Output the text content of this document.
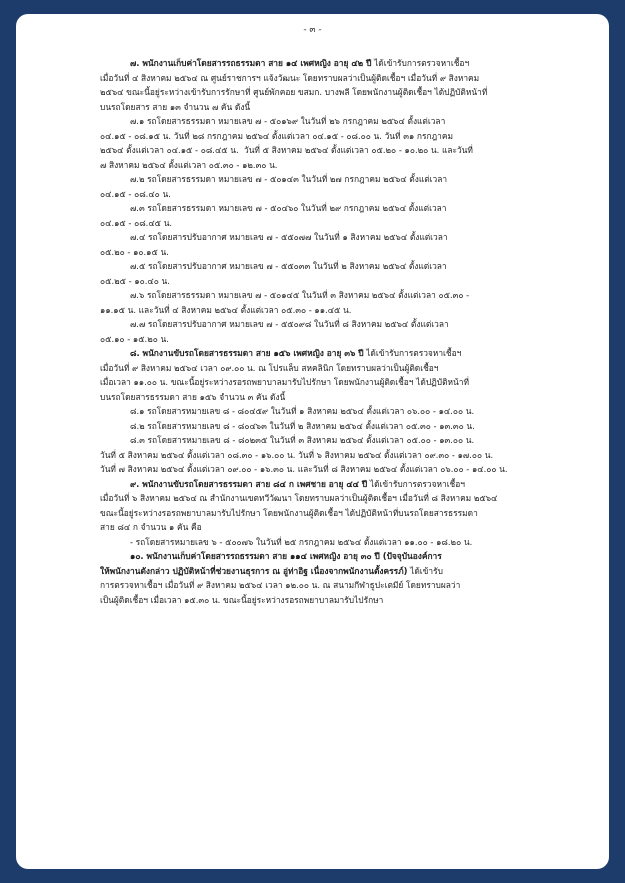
- ๓ -

๗. พนักงานเก็บค่าโดยสารรถธรรมดา สาย ๑๔ เพศหญิง อายุ ๔๒ ปี ได้เข้ารับการตรวจหาเชื้อฯ

เมื่อวันที่ ๔ สิงหาคม ๒๕๖๔ ณ ศูนย์ราชการฯ แจ้งวัฒนะ โดยทราบผลว่าเป็นผู้ติดเชื้อฯ เมื่อวันที่ ๙ สิงหาคม

๒๕๖๔ ขณะนี้อยู่ระหว่างเข้ารับการรักษาที่ ศูนย์พักคอย ขสมก. บางพลี โดยพนักงานผู้ติดเชื้อฯ ได้ปฏิบัติหน้าที่

บนรถโดยสาร สาย ๑๓ จำนวน ๗ คัน ดังนี้

๗.๑ รถโดยสารธรรมดา หมายเลข ๗ - ๕๐๑๖๙ ในวันที่ ๒๖ กรกฎาคม ๒๕๖๔ ตั้งแต่เวลา

๐๔.๑๕ - ๐๘.๑๕ น. วันที่ ๒๘ กรกฎาคม ๒๕๖๔ ตั้งแต่เวลา ๐๔.๑๕ - ๐๘.๐๐ น. วันที่ ๓๑ กรกฎาคม

๒๕๖๔ ตั้งแต่เวลา ๐๔.๑๕ - ๐๘.๔๕ น.  วันที่ ๕ สิงหาคม ๒๕๖๔ ตั้งแต่เวลา ๐๕.๒๐ - ๑๐.๒๐ น. และวันที่

๗ สิงหาคม ๒๕๖๔ ตั้งแต่เวลา ๐๕.๓๐ - ๑๒.๓๐ น.

๗.๒ รถโดยสารธรรมดา หมายเลข ๗ - ๕๐๑๔๓ ในวันที่ ๒๗ กรกฎาคม ๒๕๖๔ ตั้งแต่เวลา

๐๔.๑๕ - ๐๘.๔๐ น.

๗.๓ รถโดยสารธรรมดา หมายเลข ๗ - ๕๐๔๖๐ ในวันที่ ๒๙ กรกฎาคม ๒๕๖๔ ตั้งแต่เวลา

๐๔.๑๕ - ๐๘.๔๕ น.

๗.๔ รถโดยสารปรับอากาศ หมายเลข ๗ - ๕๕๐๗๗ ในวันที่ ๑ สิงหาคม ๒๕๖๔ ตั้งแต่เวลา

๐๕.๒๐ - ๑๐.๑๕ น.

๗.๕ รถโดยสารปรับอากาศ หมายเลข ๗ - ๕๕๐๓๓ ในวันที่ ๒ สิงหาคม ๒๕๖๔ ตั้งแต่เวลา

๐๕.๒๕ - ๑๐.๔๐ น.

๗.๖ รถโดยสารธรรมดา หมายเลข ๗ - ๕๐๑๔๕ ในวันที่ ๓ สิงหาคม ๒๕๖๔ ตั้งแต่เวลา ๐๕.๓๐ -

๑๑.๑๕ น. และวันที่ ๔ สิงหาคม ๒๕๖๔ ตั้งแต่เวลา ๐๕.๓๐ - ๑๑.๔๕ น.

๗.๗ รถโดยสารปรับอากาศ หมายเลข ๗ - ๕๕๐๙๘ ในวันที่ ๘ สิงหาคม ๒๕๖๔ ตั้งแต่เวลา

๐๕.๑๐ - ๑๕.๒๐ น.

๘. พนักงานขับรถโดยสารธรรมดา สาย ๑๕๖ เพศหญิง อายุ ๓๖ ปี ได้เข้ารับการตรวจหาเชื้อฯ

เมื่อวันที่ ๙ สิงหาคม ๒๕๖๔ เวลา ๐๙.๐๐ น. ณ โปรแล็บ สหคลินิก โดยทราบผลว่าเป็นผู้ติดเชื้อฯ

เมื่อเวลา ๑๑.๐๐ น. ขณะนี้อยู่ระหว่างรอรถพยาบาลมารับไปรักษา โดยพนักงานผู้ติดเชื้อฯ ได้ปฏิบัติหน้าที่

บนรถโดยสารธรรมดา สาย ๑๕๖ จำนวน ๓ คัน ดังนี้

๘.๑ รถโดยสารหมายเลข ๘ - ๘๐๔๕๙ ในวันที่ ๑ สิงหาคม ๒๕๖๔ ตั้งแต่เวลา ๐๖.๐๐ - ๑๔.๐๐ น.

๘.๒ รถโดยสารหมายเลข ๘ - ๘๐๔๖๓ ในวันที่ ๒ สิงหาคม ๒๕๖๔ ตั้งแต่เวลา ๐๕.๓๐ - ๑๓.๓๐ น.

๘.๓ รถโดยสารหมายเลข ๘ - ๘๐๒๓๕ ในวันที่ ๓ สิงหาคม ๒๕๖๔ ตั้งแต่เวลา ๐๕.๐๐ - ๑๓.๐๐ น.

วันที่ ๕ สิงหาคม ๒๕๖๔ ตั้งแต่เวลา ๐๘.๓๐ - ๑๖.๐๐ น. วันที่ ๖ สิงหาคม ๒๕๖๔ ตั้งแต่เวลา ๐๙.๓๐ - ๑๗.๐๐ น.

วันที่ ๗ สิงหาคม ๒๕๖๔ ตั้งแต่เวลา ๐๙.๐๐ - ๑๖.๓๐ น. และวันที่ ๘ สิงหาคม ๒๕๖๔ ตั้งแต่เวลา ๐๖.๐๐ - ๑๔.๐๐ น.

๙. พนักงานขับรถโดยสารธรรมดา สาย ๘๔ ก เพศชาย อายุ ๔๔ ปี ได้เข้ารับการตรวจหาเชื้อฯ

เมื่อวันที่ ๖ สิงหาคม ๒๕๖๔ ณ สำนักงานเขตทวีวัฒนา โดยทราบผลว่าเป็นผู้ติดเชื้อฯ เมื่อวันที่ ๘ สิงหาคม ๒๕๖๔

ขณะนี้อยู่ระหว่างรอรถพยาบาลมารับไปรักษา โดยพนักงานผู้ติดเชื้อฯ ได้ปฏิบัติหน้าที่บนรถโดยสารธรรมดา

สาย ๘๔ ก จำนวน ๑ คัน คือ

- รถโดยสารหมายเลข ๖ - ๕๐๐๗๖ ในวันที่ ๒๕ กรกฎาคม ๒๕๖๔ ตั้งแต่เวลา ๑๑.๐๐ - ๑๘.๒๐ น.

๑๐. พนักงานเก็บค่าโดยสารรถธรรมดา สาย ๑๑๔ เพศหญิง อายุ ๓๐ ปี (ปัจจุบันองค์การ

ให้พนักงานดังกล่าว ปฏิบัติหน้าที่ช่วยงานธุรการ ณ อู่ท่าอิฐ เนื่องจากพนักงานตั้งครรภ์) ได้เข้ารับ

การตรวจหาเชื้อฯ เมื่อวันที่ ๙ สิงหาคม ๒๕๖๔ เวลา ๑๒.๐๐ น. ณ สนามกีฬาธูปะเตมีย์ โดยทราบผลว่า

เป็นผู้ติดเชื้อฯ เมื่อเวลา ๑๕.๓๐ น. ขณะนี้อยู่ระหว่างรอรถพยาบาลมารับไปรักษา
